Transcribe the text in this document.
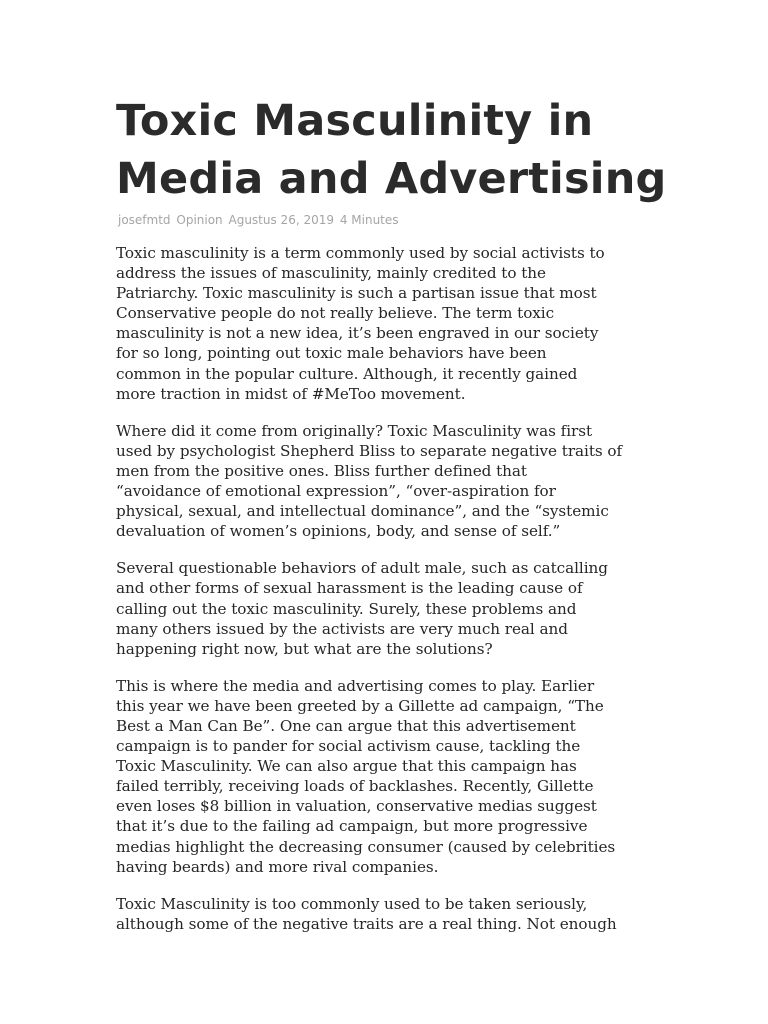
Toxic Masculinity in
Media and Advertising
josefmtd Opinion Agustus 26, 2019 4 Minutes

Toxic masculinity is a term commonly used by social activists to
address the issues of masculinity, mainly credited to the
Patriarchy. Toxic masculinity is such a partisan issue that most
Conservative people do not really believe. The term toxic
masculinity is not a new idea, it’s been engraved in our society
for so long, pointing out toxic male behaviors have been
common in the popular culture. Although, it recently gained
more traction in midst of #MeToo movement.

Where did it come from originally? Toxic Masculinity was first
used by psychologist Shepherd Bliss to separate negative traits of
men from the positive ones. Bliss further defined that
“avoidance of emotional expression”, “over-aspiration for
physical, sexual, and intellectual dominance”, and the “systemic
devaluation of women’s opinions, body, and sense of self.”

Several questionable behaviors of adult male, such as catcalling
and other forms of sexual harassment is the leading cause of
calling out the toxic masculinity. Surely, these problems and
many others issued by the activists are very much real and
happening right now, but what are the solutions?

This is where the media and advertising comes to play. Earlier
this year we have been greeted by a Gillette ad campaign, “The
Best a Man Can Be”. One can argue that this advertisement
campaign is to pander for social activism cause, tackling the
Toxic Masculinity. We can also argue that this campaign has
failed terribly, receiving loads of backlashes. Recently, Gillette
even loses $8 billion in valuation, conservative medias suggest
that it’s due to the failing ad campaign, but more progressive
medias highlight the decreasing consumer (caused by celebrities
having beards) and more rival companies.

Toxic Masculinity is too commonly used to be taken seriously,
although some of the negative traits are a real thing. Not enough
